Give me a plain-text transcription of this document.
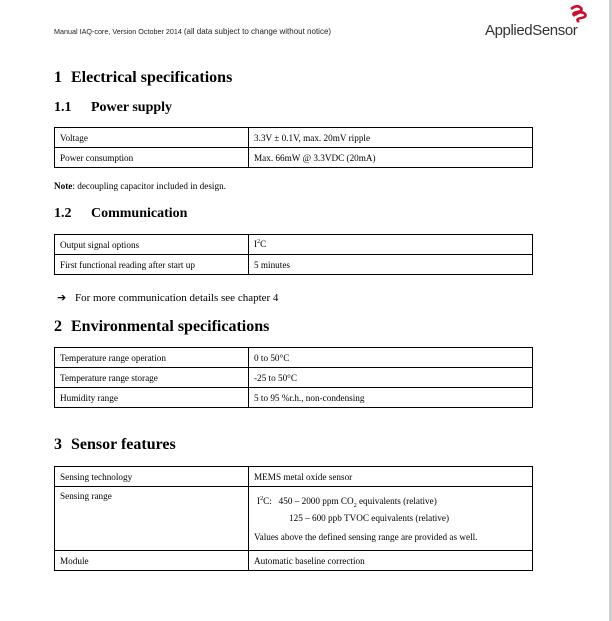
Manual IAQ-core, Version October 2014 (all data subject to change without notice)	AppliedSensor
1 Electrical specifications
1.1 Power supply
Voltage	3.3V ± 0.1V, max. 20mV ripple
Power consumption	Max. 66mW @ 3.3VDC (20mA)
Note: decoupling capacitor included in design.
1.2 Communication
Output signal options	$I^2C$
First functional reading after start up	5 minutes
➔ For more communication details see chapter 4
2 Environmental specifications
Temperature range operation	0 to 50°C
Temperature range storage	-25 to 50°C
Humidity range	5 to 95 %r.h., non-condensing
3 Sensor features
Sensing technology	MEMS metal oxide sensor
Sensing range	$I^2C$: 450 – 2000 ppm $CO_2$ equivalents (relative)
125 – 600 ppb TVOC equivalents (relative)
Values above the defined sensing range are provided as well.

Module	Automatic baseline correction
